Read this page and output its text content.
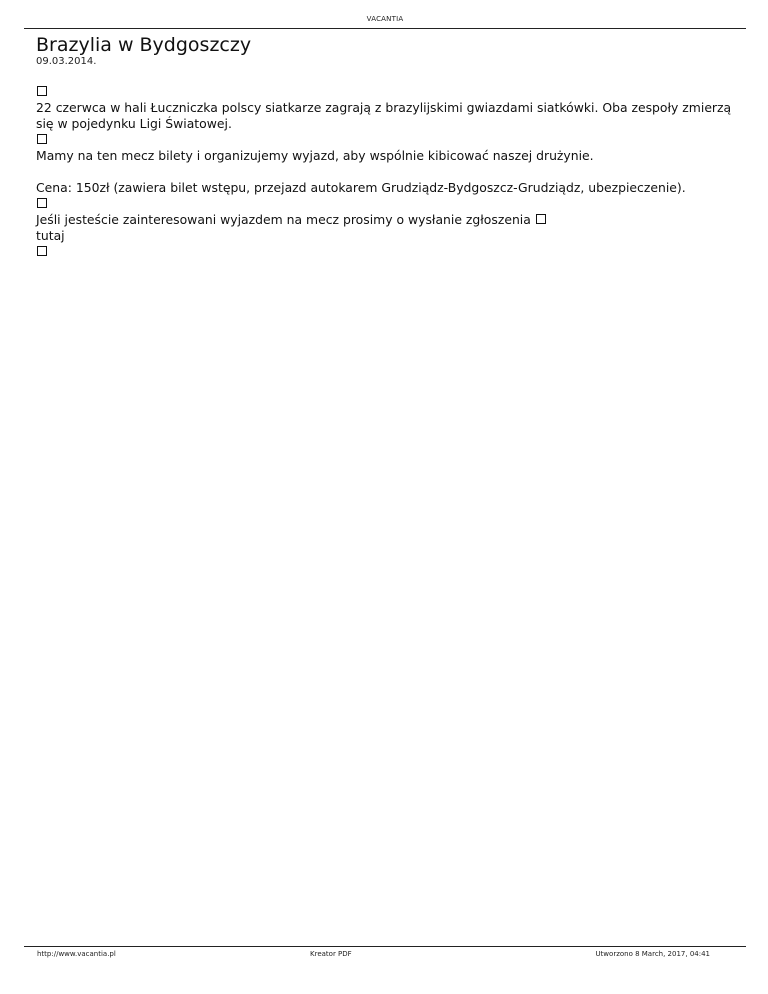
VACANTIA
Brazylia w Bydgoszczy
09.03.2014.
22 czerwca w hali Łuczniczka polscy siatkarze zagrają z brazylijskimi gwiazdami siatkówki. Oba zespoły zmierzą się w pojedynku Ligi Światowej.
Mamy na ten mecz bilety i organizujemy wyjazd, aby wspólnie kibicować naszej drużynie.
Cena: 150zł (zawiera bilet wstępu, przejazd autokarem Grudziądz-Bydgoszcz-Grudziądz, ubezpieczenie).
Jeśli jesteście zainteresowani wyjazdem na mecz prosimy o wysłanie zgłoszenia
tutaj
http://www.vacantia.pl	Kreator PDF	Utworzono 8 March, 2017, 04:41
